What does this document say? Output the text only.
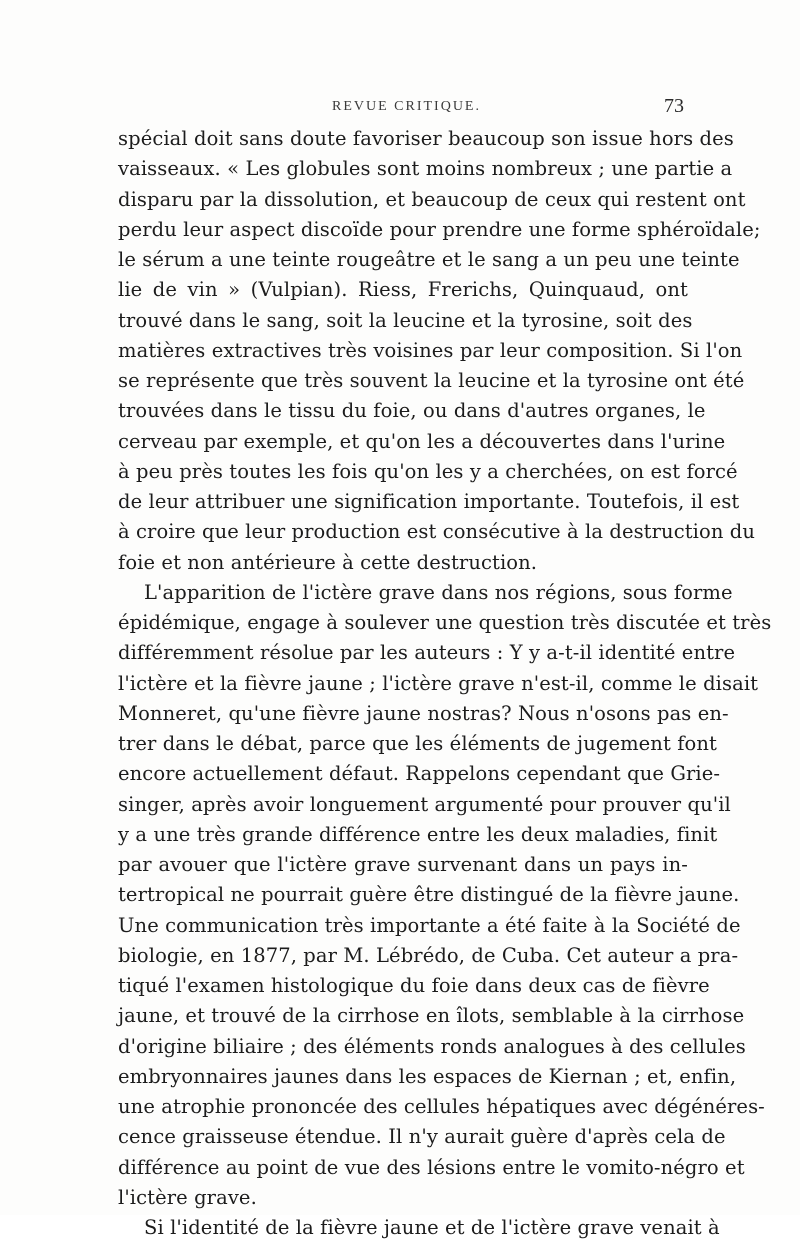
REVUE CRITIQUE.	73
spécial doit sans doute favoriser beaucoup son issue hors des
vaisseaux. « Les globules sont moins nombreux ; une partie a
disparu par la dissolution, et beaucoup de ceux qui restent ont
perdu leur aspect discoïde pour prendre une forme sphéroïdale;
le sérum a une teinte rougeâtre et le sang a un peu une teinte
lie de vin » (Vulpian). Riess, Frerichs, Quinquaud, ont
trouvé dans le sang, soit la leucine et la tyrosine, soit des
matières extractives très voisines par leur composition. Si l'on
se représente que très souvent la leucine et la tyrosine ont été
trouvées dans le tissu du foie, ou dans d'autres organes, le
cerveau par exemple, et qu'on les a découvertes dans l'urine
à peu près toutes les fois qu'on les y a cherchées, on est forcé
de leur attribuer une signification importante. Toutefois, il est
à croire que leur production est consécutive à la destruction du
foie et non antérieure à cette destruction.
L'apparition de l'ictère grave dans nos régions, sous forme
épidémique, engage à soulever une question très discutée et très
différemment résolue par les auteurs : Y y a-t-il identité entre
l'ictère et la fièvre jaune ; l'ictère grave n'est-il, comme le disait
Monneret, qu'une fièvre jaune nostras? Nous n'osons pas en-
trer dans le débat, parce que les éléments de jugement font
encore actuellement défaut. Rappelons cependant que Grie-
singer, après avoir longuement argumenté pour prouver qu'il
y a une très grande différence entre les deux maladies, finit
par avouer que l'ictère grave survenant dans un pays in-
tertropical ne pourrait guère être distingué de la fièvre jaune.
Une communication très importante a été faite à la Société de
biologie, en 1877, par M. Lébrédo, de Cuba. Cet auteur a pra-
tiqué l'examen histologique du foie dans deux cas de fièvre
jaune, et trouvé de la cirrhose en îlots, semblable à la cirrhose
d'origine biliaire ; des éléments ronds analogues à des cellules
embryonnaires jaunes dans les espaces de Kiernan ; et, enfin,
une atrophie prononcée des cellules hépatiques avec dégénéres-
cence graisseuse étendue. Il n'y aurait guère d'après cela de
différence au point de vue des lésions entre le vomito-négro et
l'ictère grave.
Si l'identité de la fièvre jaune et de l'ictère grave venait à
